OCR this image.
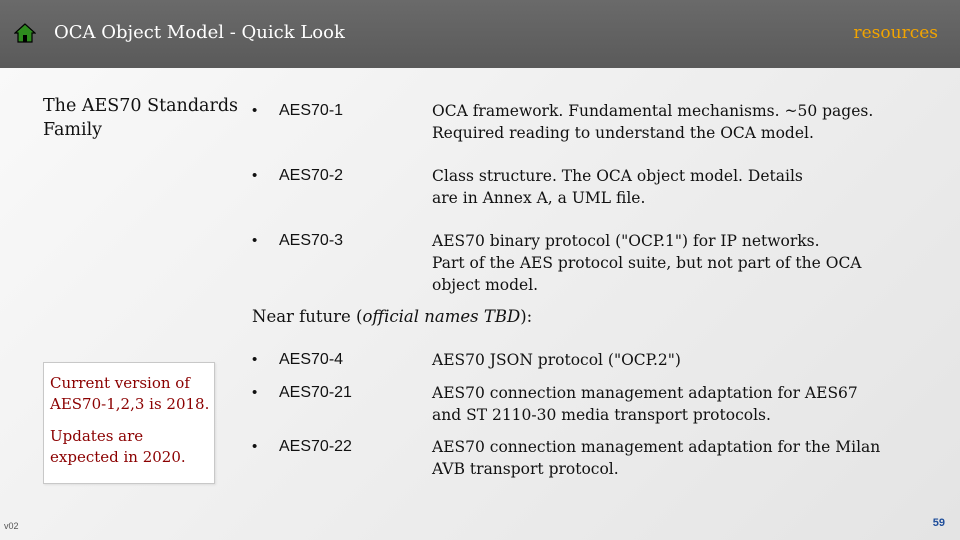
OCA Object Model - Quick Look	resources
The AES70 Standards Family
• AES70-1	OCA framework. Fundamental mechanisms. ~50 pages.
Required reading to understand the OCA model.
• AES70-2	Class structure. The OCA object model. Details
are in Annex A, a UML file.
• AES70-3	AES70 binary protocol ("OCP.1") for IP networks.
Part of the AES protocol suite, but not part of the OCA
object model.
Near future (official names TBD):
• AES70-4	AES70 JSON protocol ("OCP.2")
• AES70-21	AES70 connection management adaptation for AES67
and ST 2110-30 media transport protocols.
• AES70-22	AES70 connection management adaptation for the Milan
AVB transport protocol.
Current version of AES70-1,2,3 is 2018.
Updates are expected in 2020.
v02	59
